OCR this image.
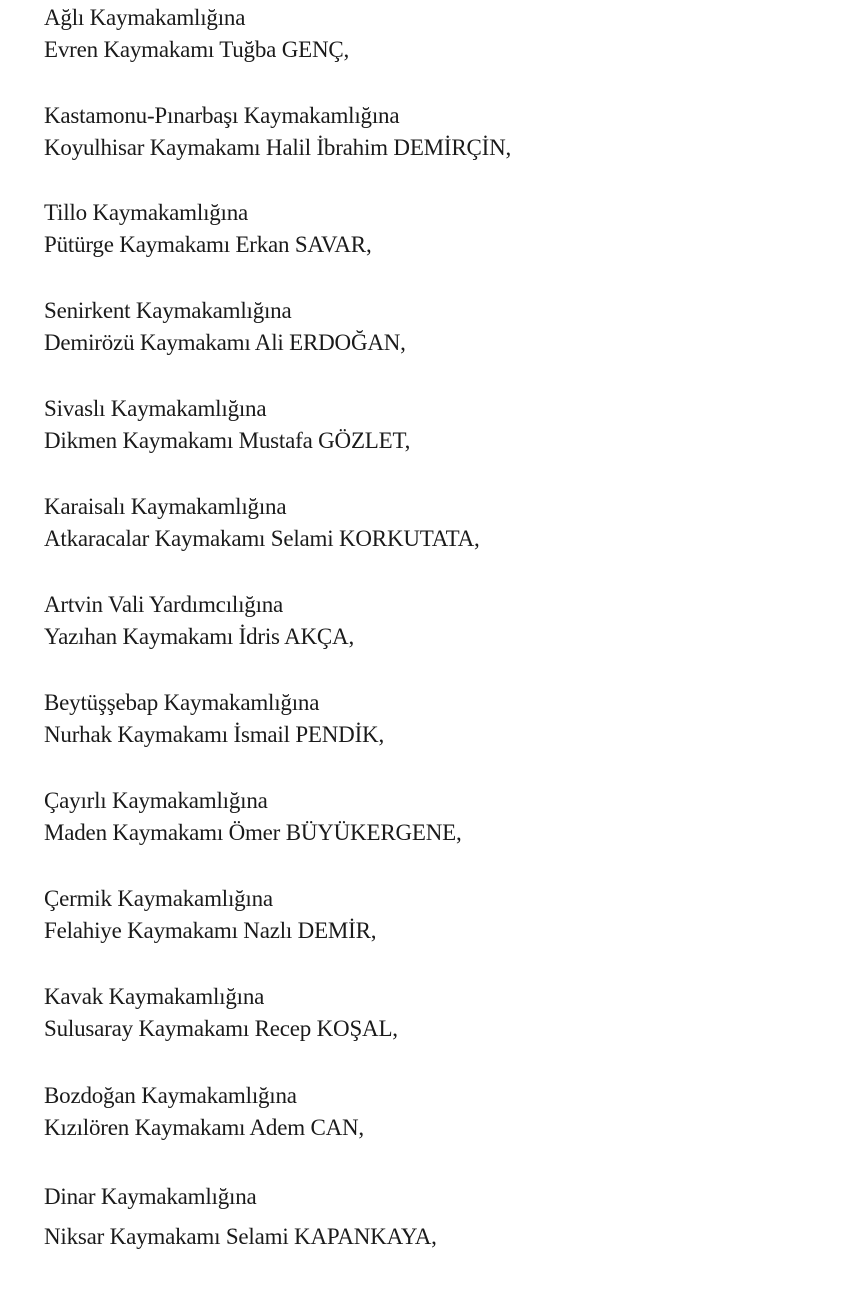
Ağlı Kaymakamlığına
Evren Kaymakamı Tuğba GENÇ,
Kastamonu-Pınarbaşı Kaymakamlığına
Koyulhisar Kaymakamı Halil İbrahim DEMİRÇİN,
Tillo Kaymakamlığına
Pütürge Kaymakamı Erkan SAVAR,
Senirkent Kaymakamlığına
Demirözü Kaymakamı Ali ERDOĞAN,
Sivaslı Kaymakamlığına
Dikmen Kaymakamı Mustafa GÖZLET,
Karaisalı Kaymakamlığına
Atkaracalar Kaymakamı Selami KORKUTATA,
Artvin Vali Yardımcılığına
Yazıhan Kaymakamı İdris AKÇA,
Beytüşşebap Kaymakamlığına
Nurhak Kaymakamı İsmail PENDİK,
Çayırlı Kaymakamlığına
Maden Kaymakamı Ömer BÜYÜKERGENE,
Çermik Kaymakamlığına
Felahiye Kaymakamı Nazlı DEMİR,
Kavak Kaymakamlığına
Sulusaray Kaymakamı Recep KOŞAL,
Bozdoğan Kaymakamlığına
Kızılören Kaymakamı Adem CAN,
Dinar Kaymakamlığına
Niksar Kaymakamı Selami KAPANKAYA,
